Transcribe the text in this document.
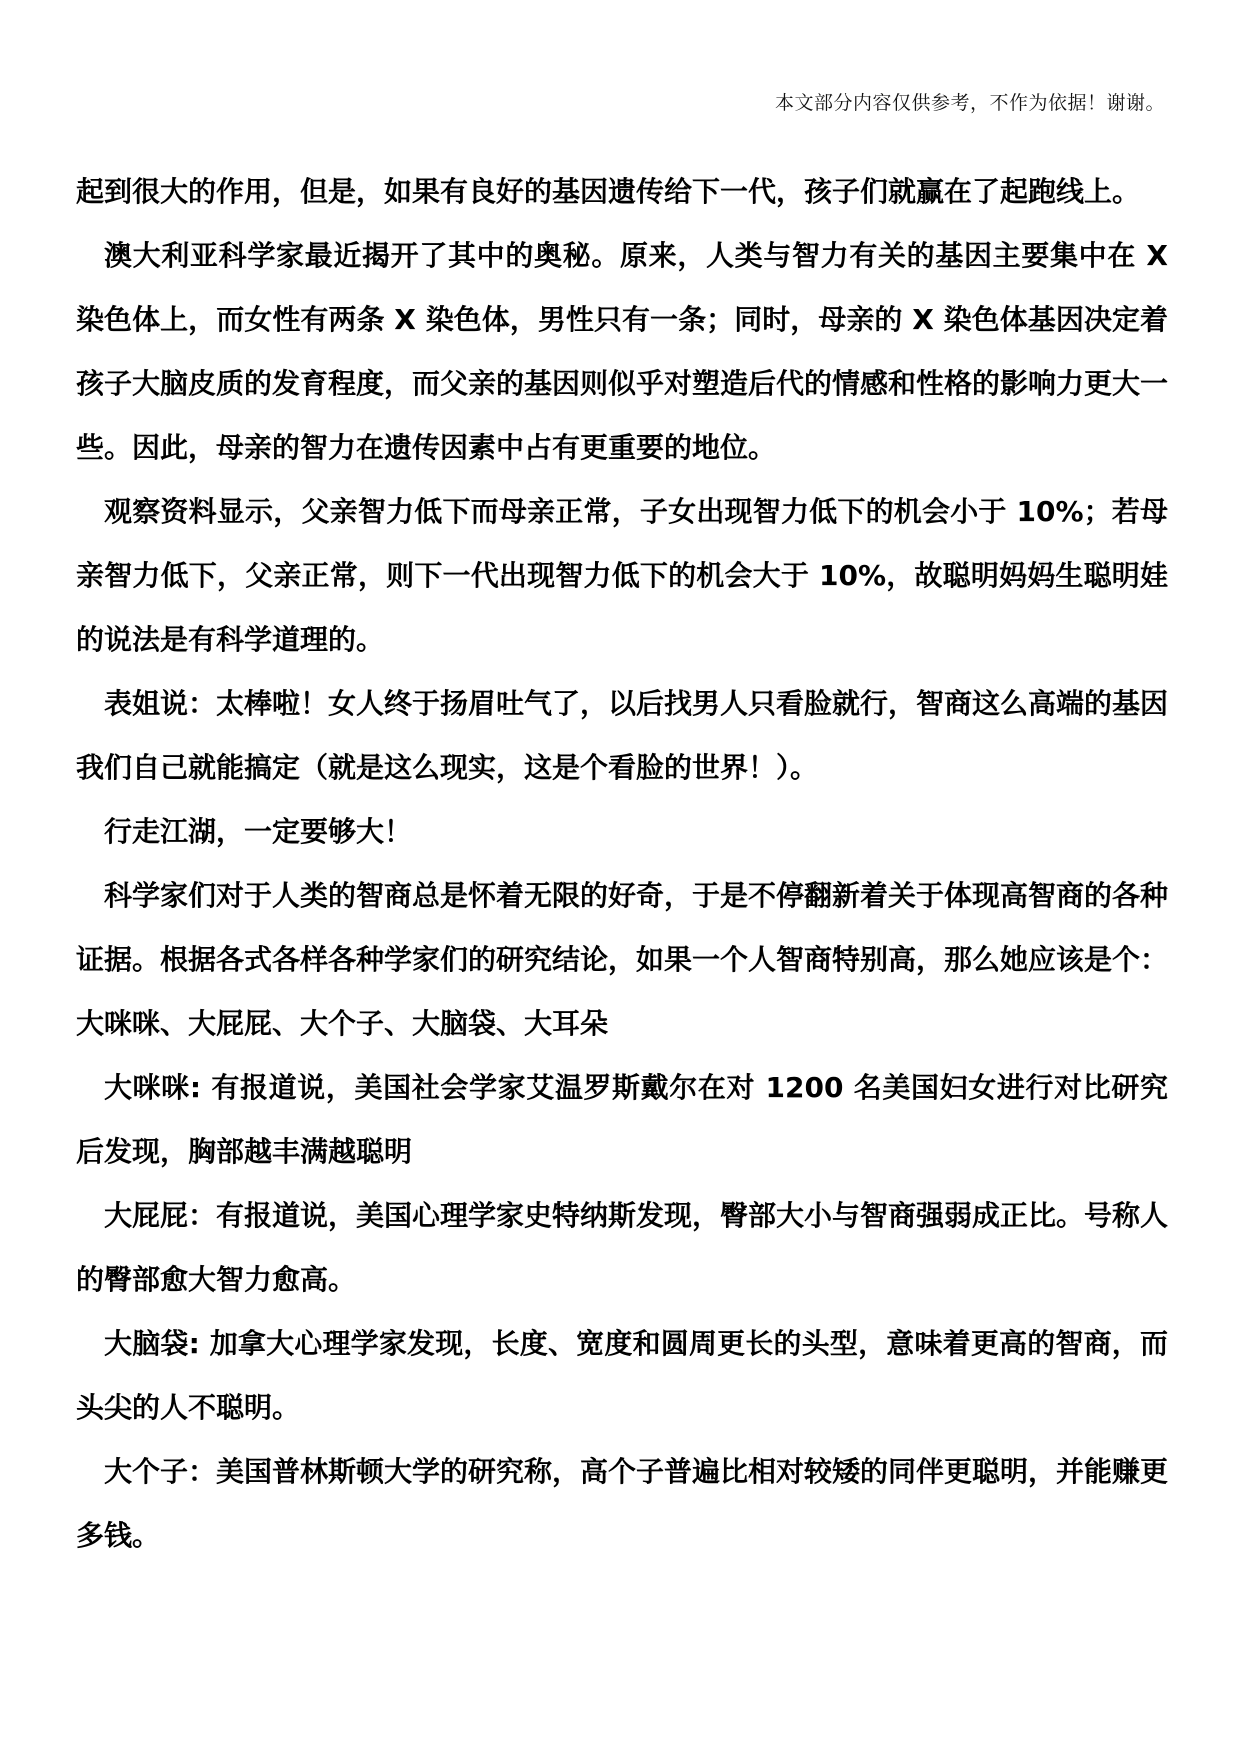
本文部分内容仅供参考，不作为依据！谢谢。

起到很大的作用，但是，如果有良好的基因遗传给下一代，孩子们就赢在了起跑线上。

澳大利亚科学家最近揭开了其中的奥秘。原来，人类与智力有关的基因主要集中在 X 染色体上，而女性有两条 X 染色体，男性只有一条；同时，母亲的 X 染色体基因决定着孩子大脑皮质的发育程度，而父亲的基因则似乎对塑造后代的情感和性格的影响力更大一些。因此，母亲的智力在遗传因素中占有更重要的地位。

观察资料显示，父亲智力低下而母亲正常，子女出现智力低下的机会小于 10%；若母亲智力低下，父亲正常，则下一代出现智力低下的机会大于 10%，故聪明妈妈生聪明娃的说法是有科学道理的。

表姐说：太棒啦！女人终于扬眉吐气了，以后找男人只看脸就行，智商这么高端的基因我们自己就能搞定（就是这么现实，这是个看脸的世界！）。

行走江湖，一定要够大！

科学家们对于人类的智商总是怀着无限的好奇，于是不停翻新着关于体现高智商的各种证据。根据各式各样各种学家们的研究结论，如果一个人智商特别高，那么她应该是个：大咪咪、大屁屁、大个子、大脑袋、大耳朵

大咪咪: 有报道说，美国社会学家艾温罗斯戴尔在对 1200 名美国妇女进行对比研究后发现，胸部越丰满越聪明

大屁屁：有报道说，美国心理学家史特纳斯发现，臀部大小与智商强弱成正比。号称人的臀部愈大智力愈高。

大脑袋: 加拿大心理学家发现，长度、宽度和圆周更长的头型，意味着更高的智商，而头尖的人不聪明。

大个子：美国普林斯顿大学的研究称，高个子普遍比相对较矮的同伴更聪明，并能赚更多钱。
